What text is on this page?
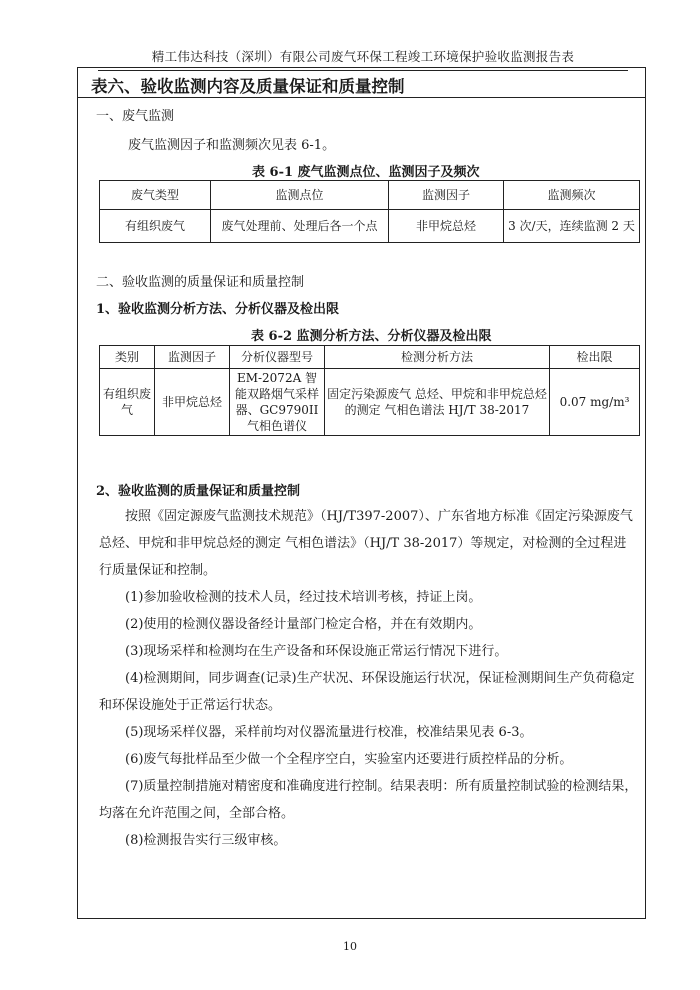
精工伟达科技（深圳）有限公司废气环保工程竣工环境保护验收监测报告表
表六、验收监测内容及质量保证和质量控制
一、废气监测
废气监测因子和监测频次见表 6-1。
表 6-1 废气监测点位、监测因子及频次
废气类型	监测点位	监测因子	监测频次
有组织废气	废气处理前、处理后各一个点	非甲烷总烃	3 次/天，连续监测 2 天
二、验收监测的质量保证和质量控制
1、验收监测分析方法、分析仪器及检出限
表 6-2 监测分析方法、分析仪器及检出限
类别	监测因子	分析仪器型号	检测分析方法	检出限
有组织废气	非甲烷总烃	EM-2072A 智能双路烟气采样器、GC9790II 气相色谱仪	固定污染源废气 总烃、甲烷和非甲烷总烃的测定 气相色谱法 HJ/T 38-2017	0.07 mg/m³
2、验收监测的质量保证和质量控制
按照《固定源废气监测技术规范》（HJ/T397-2007）、广东省地方标准《固定污染源废气 总烃、甲烷和非甲烷总烃的测定 气相色谱法》（HJ/T 38-2017）等规定，对检测的全过程进行质量保证和控制。
(1)参加验收检测的技术人员，经过技术培训考核，持证上岗。
(2)使用的检测仪器设备经计量部门检定合格，并在有效期内。
(3)现场采样和检测均在生产设备和环保设施正常运行情况下进行。
(4)检测期间，同步调查(记录)生产状况、环保设施运行状况，保证检测期间生产负荷稳定和环保设施处于正常运行状态。
(5)现场采样仪器，采样前均对仪器流量进行校准，校准结果见表 6-3。
(6)废气每批样品至少做一个全程序空白，实验室内还要进行质控样品的分析。
(7)质量控制措施对精密度和准确度进行控制。结果表明：所有质量控制试验的检测结果，均落在允许范围之间，全部合格。
(8)检测报告实行三级审核。
10
